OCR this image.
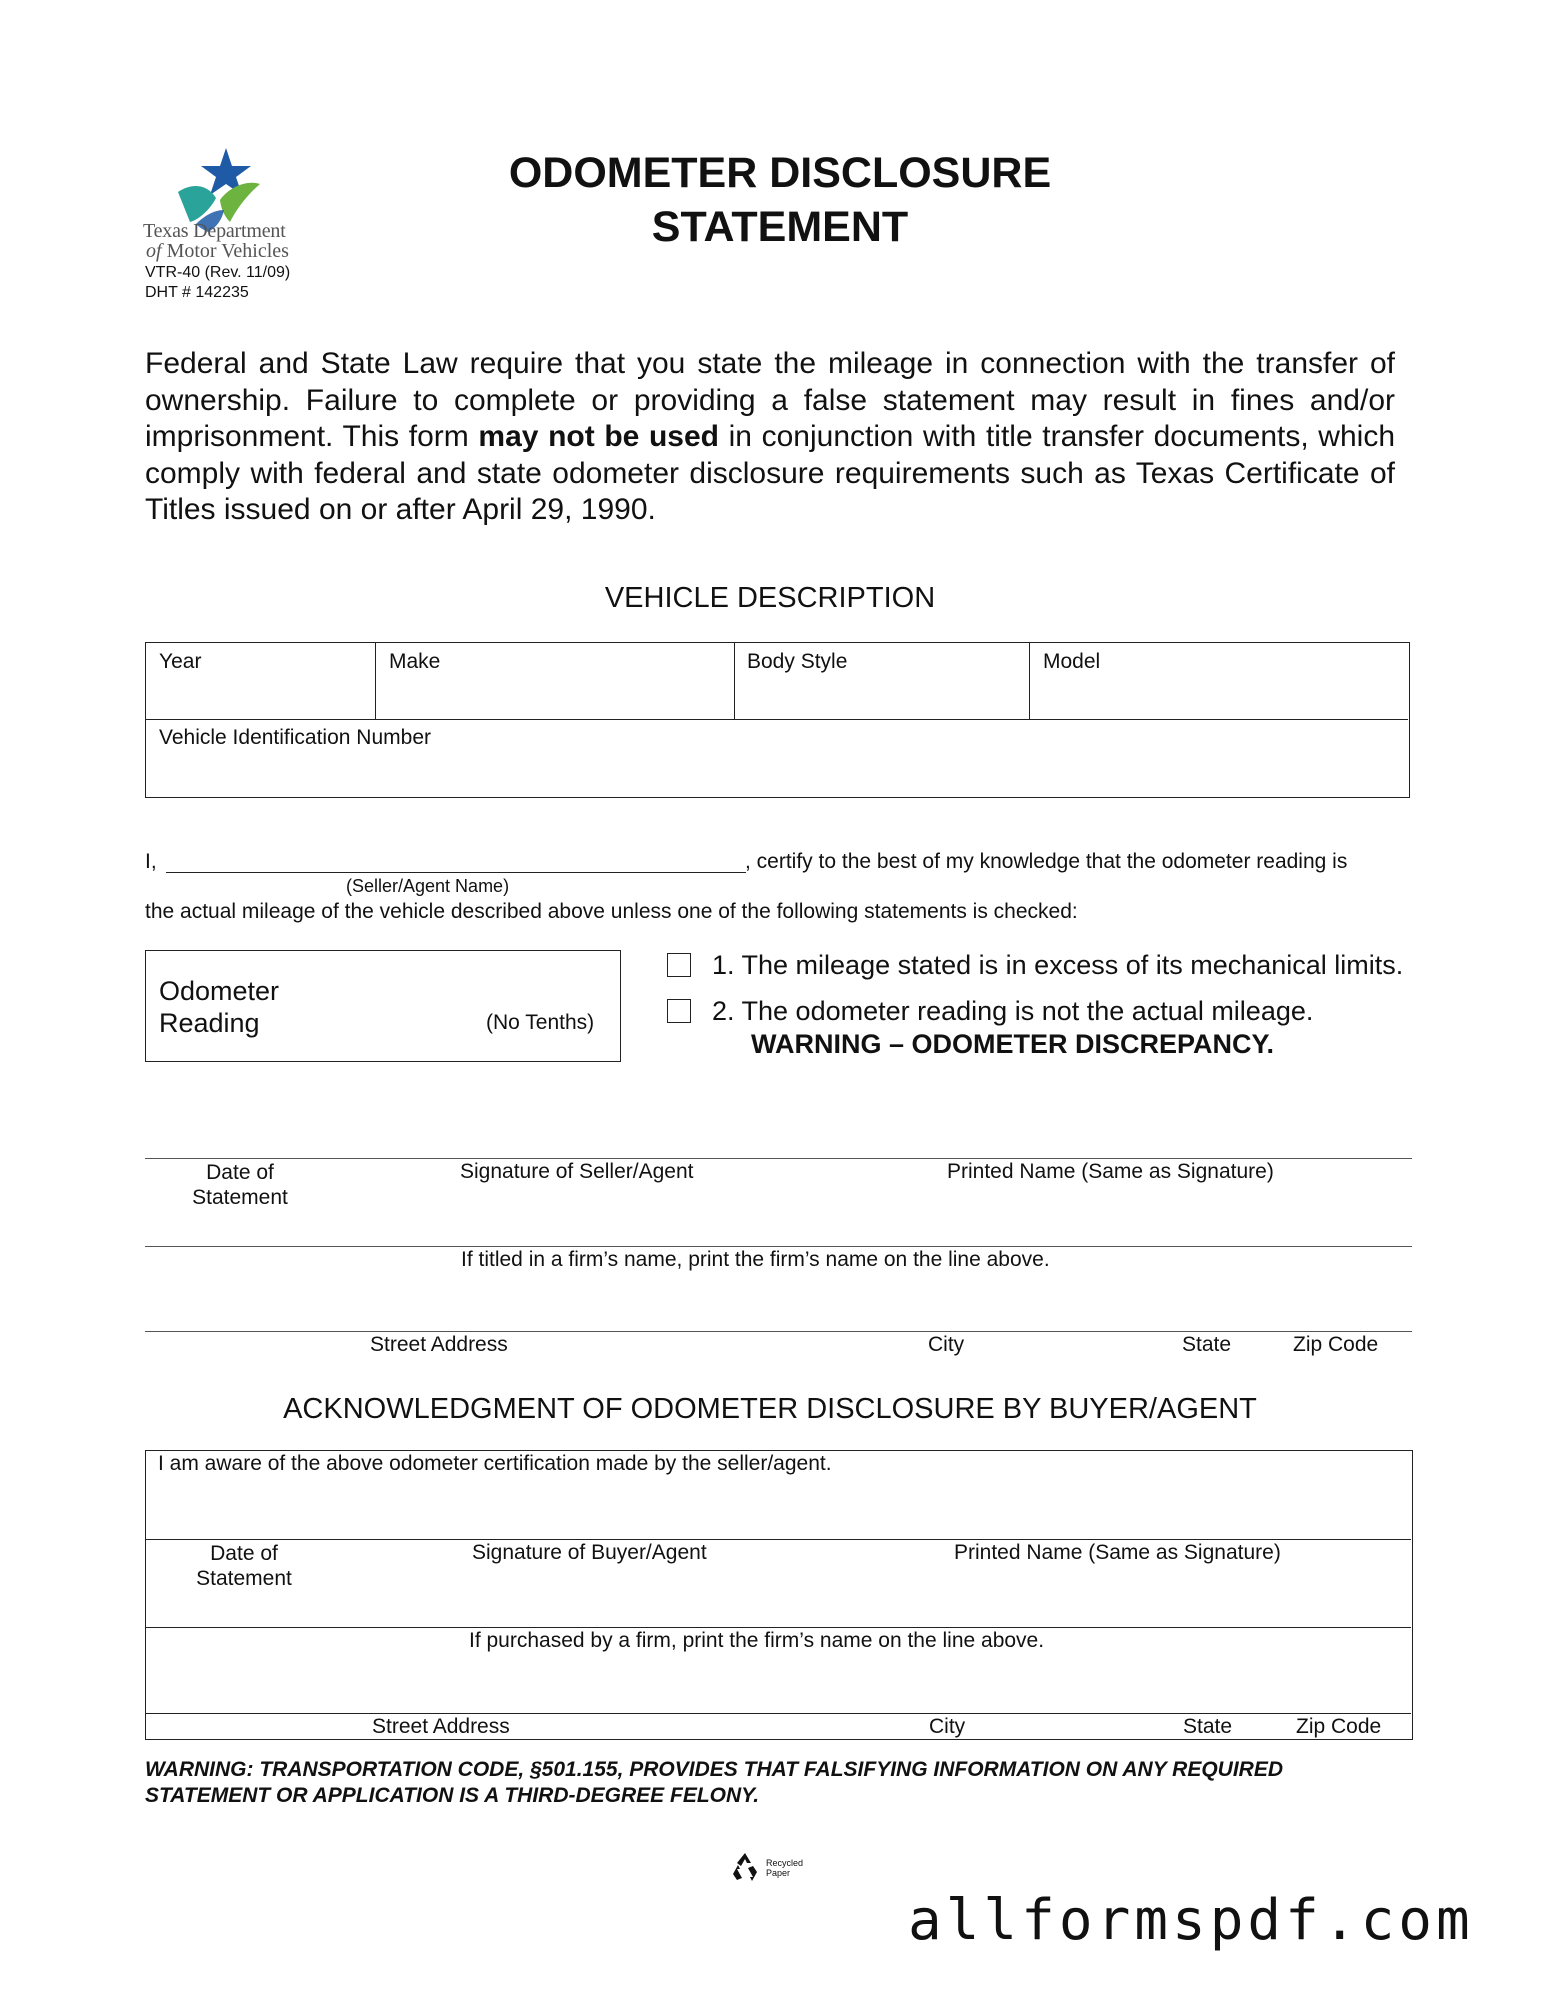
Texas Department
of Motor Vehicles
VTR-40 (Rev. 11/09)
DHT # 142235
ODOMETER DISCLOSURE
STATEMENT
Federal and State Law require that you state the mileage in connection with the transfer of ownership. Failure to complete or providing a false statement may result in fines and/or imprisonment. This form may not be used in conjunction with title transfer documents, which comply with federal and state odometer disclosure requirements such as Texas Certificate of Titles issued on or after April 29, 1990.
VEHICLE DESCRIPTION
Year	Make	Body Style	Model
Vehicle Identification Number
I,	, certify to the best of my knowledge that the odometer reading is
(Seller/Agent Name)
the actual mileage of the vehicle described above unless one of the following statements is checked:
Odometer
Reading	(No Tenths)
1. The mileage stated is in excess of its mechanical limits.
2. The odometer reading is not the actual mileage.
WARNING – ODOMETER DISCREPANCY.
Date of
Statement
Signature of Seller/Agent	Printed Name (Same as Signature)
If titled in a firm’s name, print the firm’s name on the line above.
Street Address	City	State	Zip Code
ACKNOWLEDGMENT OF ODOMETER DISCLOSURE BY BUYER/AGENT
I am aware of the above odometer certification made by the seller/agent.
Date of
Statement
Signature of Buyer/Agent	Printed Name (Same as Signature)
If purchased by a firm, print the firm’s name on the line above.
Street Address	City	State	Zip Code
WARNING: TRANSPORTATION CODE, §501.155, PROVIDES THAT FALSIFYING INFORMATION ON ANY REQUIRED
STATEMENT OR APPLICATION IS A THIRD-DEGREE FELONY.
Recycled
Paper
allformspdf.com
